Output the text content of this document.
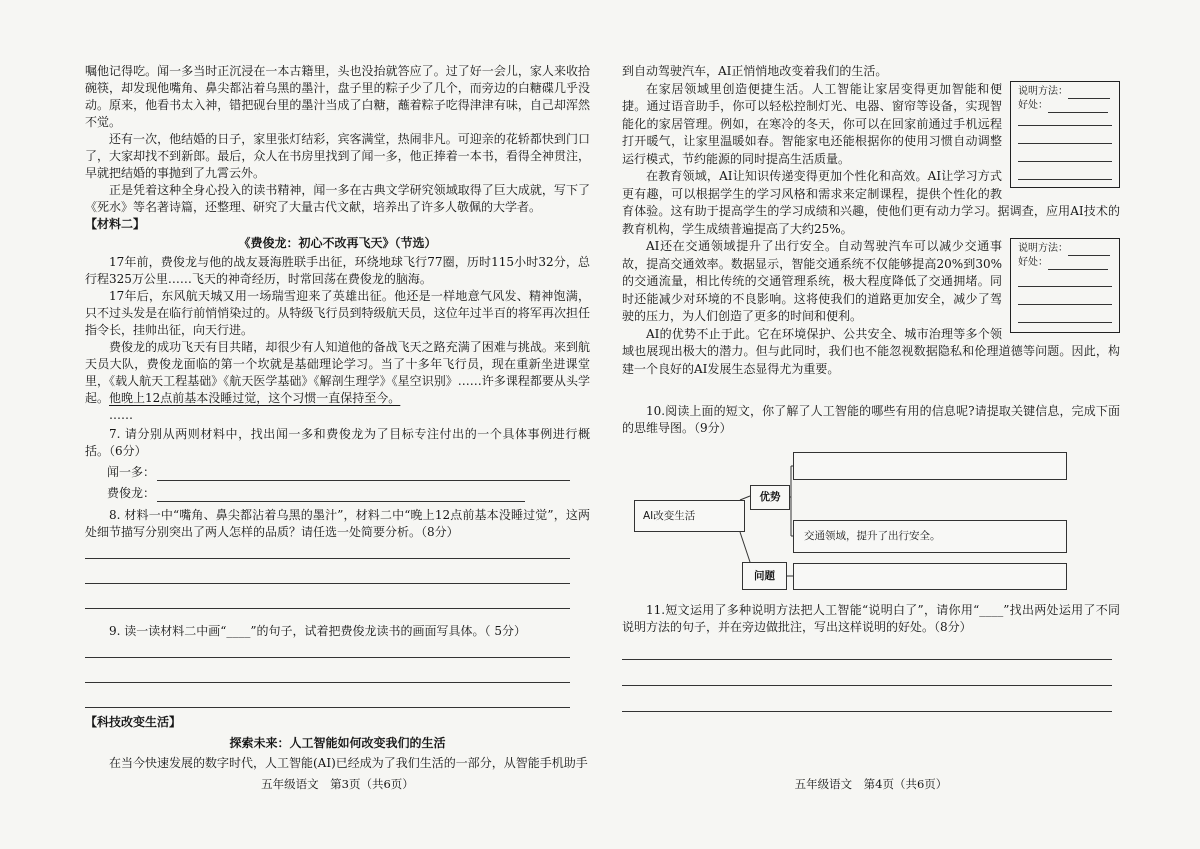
嘱他记得吃。闻一多当时正沉浸在一本古籍里，头也没抬就答应了。过了好一会儿，家人来收拾碗筷，却发现他嘴角、鼻尖都沾着乌黑的墨汁，盘子里的粽子少了几个，而旁边的白糖碟几乎没动。原来，他看书太入神，错把砚台里的墨汁当成了白糖，蘸着粽子吃得津津有味，自己却浑然不觉。

还有一次，他结婚的日子，家里张灯结彩，宾客满堂，热闹非凡。可迎亲的花轿都快到门口了，大家却找不到新郎。最后，众人在书房里找到了闻一多，他正捧着一本书，看得全神贯注，早就把结婚的事抛到了九霄云外。

正是凭着这种全身心投入的读书精神，闻一多在古典文学研究领域取得了巨大成就，写下了《死水》等名著诗篇，还整理、研究了大量古代文献，培养出了许多人敬佩的大学者。

【材料二】
《费俊龙：初心不改再飞天》（节选）

17年前，费俊龙与他的战友聂海胜联手出征，环绕地球飞行77圈，历时115小时32分，总行程325万公里……飞天的神奇经历，时常回荡在费俊龙的脑海。

17年后，东风航天城又用一场瑞雪迎来了英雄出征。他还是一样地意气风发、精神饱满，只不过头发是在临行前悄悄染过的。从特级飞行员到特级航天员，这位年过半百的将军再次担任指令长，挂帅出征，向天行进。

费俊龙的成功飞天有目共睹，却很少有人知道他的备战飞天之路充满了困难与挑战。来到航天员大队，费俊龙面临的第一个坎就是基础理论学习。当了十多年飞行员，现在重新坐进课堂里，《载人航天工程基础》《航天医学基础》《解剖生理学》《星空识别》……许多课程都要从头学起。他晚上12点前基本没睡过觉，这个习惯一直保持至今。

……

7. 请分别从两则材料中，找出闻一多和费俊龙为了目标专注付出的一个具体事例进行概括。（6分）

闻一多：
费俊龙：

8. 材料一中“嘴角、鼻尖都沾着乌黑的墨汁”，材料二中“晚上12点前基本没睡过觉”，这两处细节描写分别突出了两人怎样的品质？请任选一处简要分析。（8分）

9. 读一读材料二中画“____”的句子，试着把费俊龙读书的画面写具体。（ 5分）

【科技改变生活】
探索未来：人工智能如何改变我们的生活

在当今快速发展的数字时代，人工智能(AI)已经成为了我们生活的一部分，从智能手机助手

五年级语文　第3页（共6页）

到自动驾驶汽车，AI正悄悄地改变着我们的生活。

说明方法：
好处：

在家居领域里创造便捷生活。人工智能让家居变得更加智能和便捷。通过语音助手，你可以轻松控制灯光、电器、窗帘等设备，实现智能化的家居管理。例如，在寒冷的冬天，你可以在回家前通过手机远程打开暖气，让家里温暖如春。智能家电还能根据你的使用习惯自动调整运行模式，节约能源的同时提高生活质量。

在教育领域，AI让知识传递变得更加个性化和高效。AI让学习方式更有趣，可以根据学生的学习风格和需求来定制课程，提供个性化的教育体验。这有助于提高学生的学习成绩和兴趣，使他们更有动力学习。据调查，应用AI技术的教育机构，学生成绩普遍提高了大约25%。

说明方法：
好处：

AI还在交通领域提升了出行安全。自动驾驶汽车可以减少交通事故，提高交通效率。数据显示，智能交通系统不仅能够提高20%到30%的交通流量，相比传统的交通管理系统，极大程度降低了交通拥堵。同时还能减少对环境的不良影响。这将使我们的道路更加安全，减少了驾驶的压力，为人们创造了更多的时间和便利。

AI的优势不止于此。它在环境保护、公共安全、城市治理等多个领域也展现出极大的潜力。但与此同时，我们也不能忽视数据隐私和伦理道德等问题。因此，构建一个良好的AI发展生态显得尤为重要。

10.阅读上面的短文，你了解了人工智能的哪些有用的信息呢?请提取关键信息，完成下面的思维导图。（9分）

AI改变生活
优势
交通领域，提升了出行安全。
问题

11.短文运用了多种说明方法把人工智能“说明白了”，请你用“____”找出两处运用了不同说明方法的句子，并在旁边做批注，写出这样说明的好处。（8分）

五年级语文　第4页（共6页）
